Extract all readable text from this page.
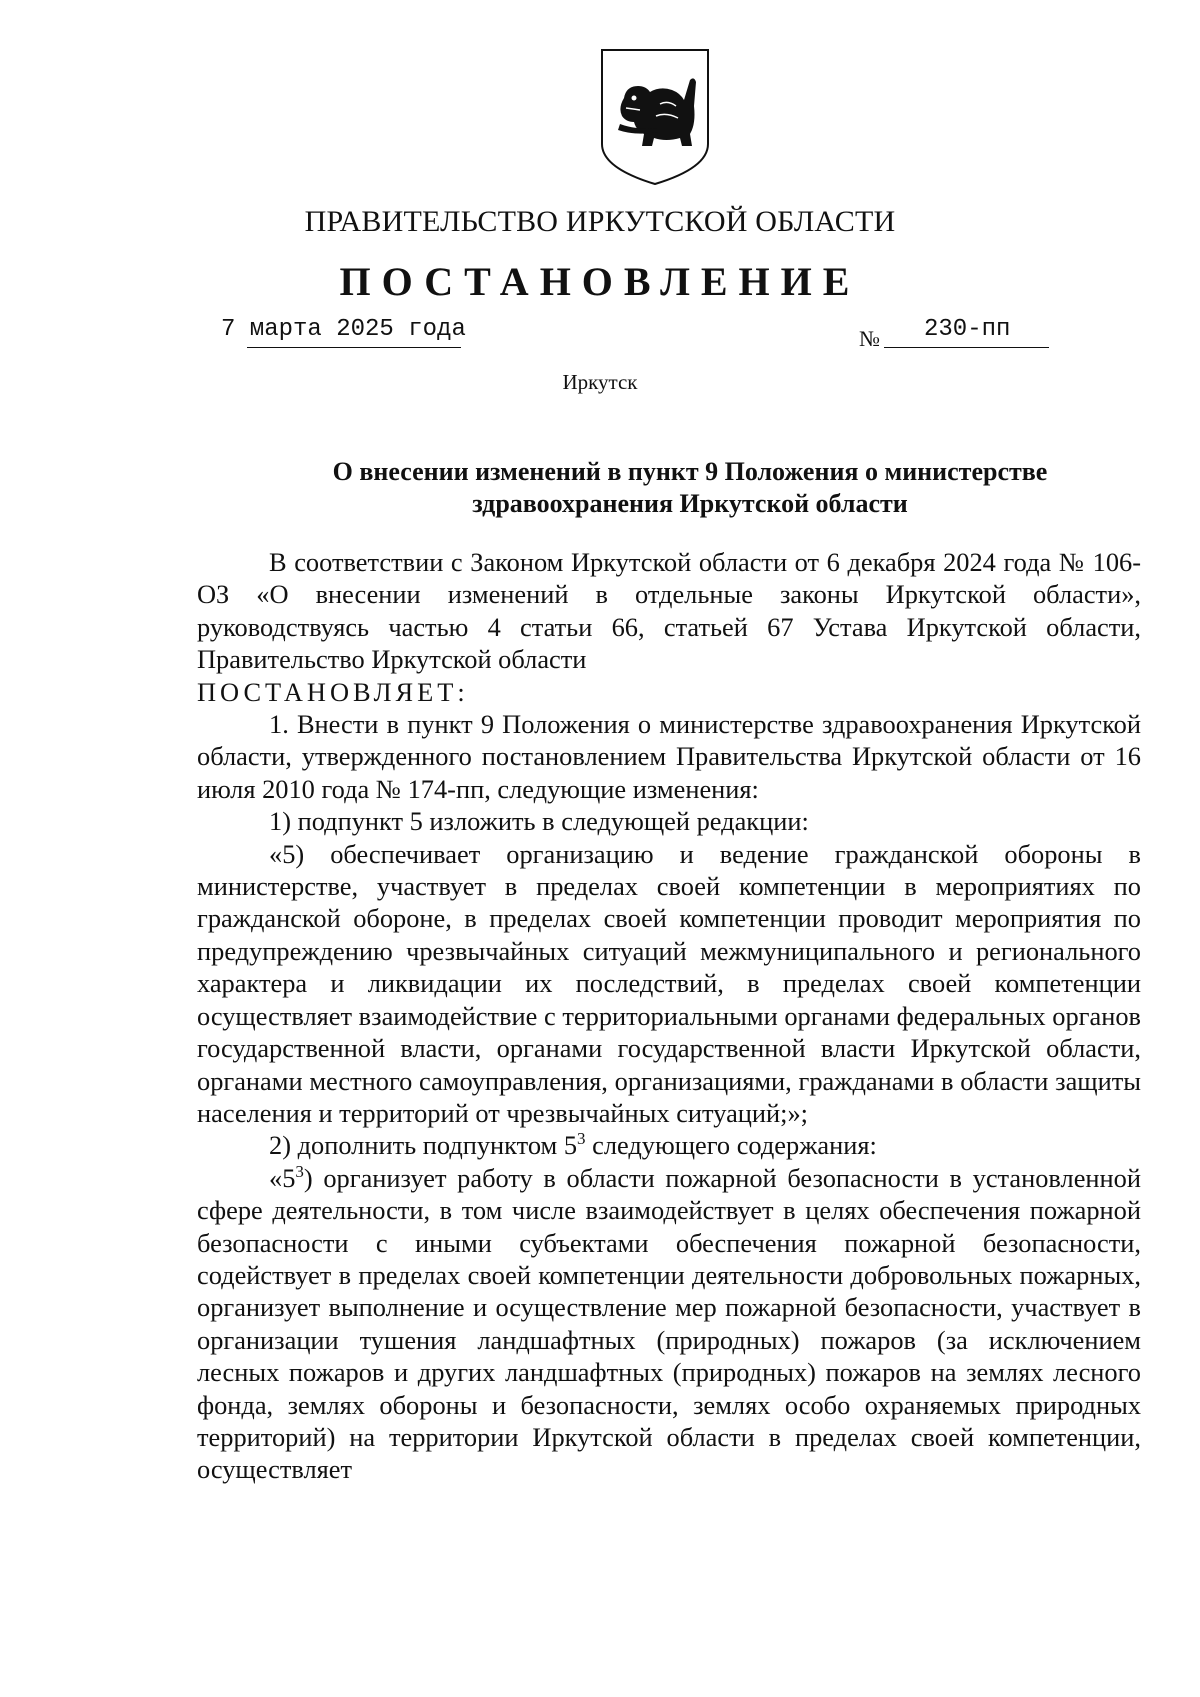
ПРАВИТЕЛЬСТВО ИРКУТСКОЙ ОБЛАСТИ
ПОСТАНОВЛЕНИЕ
7 марта 2025 года	№ 230-пп
Иркутск
О внесении изменений в пункт 9 Положения о министерстве
здравоохранения Иркутской области

В соответствии с Законом Иркутской области от 6 декабря 2024 года № 106-ОЗ «О внесении изменений в отдельные законы Иркутской области», руководствуясь частью 4 статьи 66, статьей 67 Устава Иркутской области, Правительство Иркутской области

ПОСТАНОВЛЯЕТ:

1. Внести в пункт 9 Положения о министерстве здравоохранения Иркутской области, утвержденного постановлением Правительства Иркутской области от 16 июля 2010 года № 174-пп, следующие изменения:

1) подпункт 5 изложить в следующей редакции:

«5) обеспечивает организацию и ведение гражданской обороны в министерстве, участвует в пределах своей компетенции в мероприятиях по гражданской обороне, в пределах своей компетенции проводит мероприятия по предупреждению чрезвычайных ситуаций межмуниципального и регионального характера и ликвидации их последствий, в пределах своей компетенции осуществляет взаимодействие с территориальными органами федеральных органов государственной власти, органами государственной власти Иркутской области, органами местного самоуправления, организациями, гражданами в области защиты населения и территорий от чрезвычайных ситуаций;»;

2) дополнить подпунктом $5^3$ следующего содержания:

«$5^3$) организует работу в области пожарной безопасности в установленной сфере деятельности, в том числе взаимодействует в целях обеспечения пожарной безопасности с иными субъектами обеспечения пожарной безопасности, содействует в пределах своей компетенции деятельности добровольных пожарных, организует выполнение и осуществление мер пожарной безопасности, участвует в организации тушения ландшафтных (природных) пожаров (за исключением лесных пожаров и других ландшафтных (природных) пожаров на землях лесного фонда, землях обороны и безопасности, землях особо охраняемых природных территорий) на территории Иркутской области в пределах своей компетенции, осуществляет
